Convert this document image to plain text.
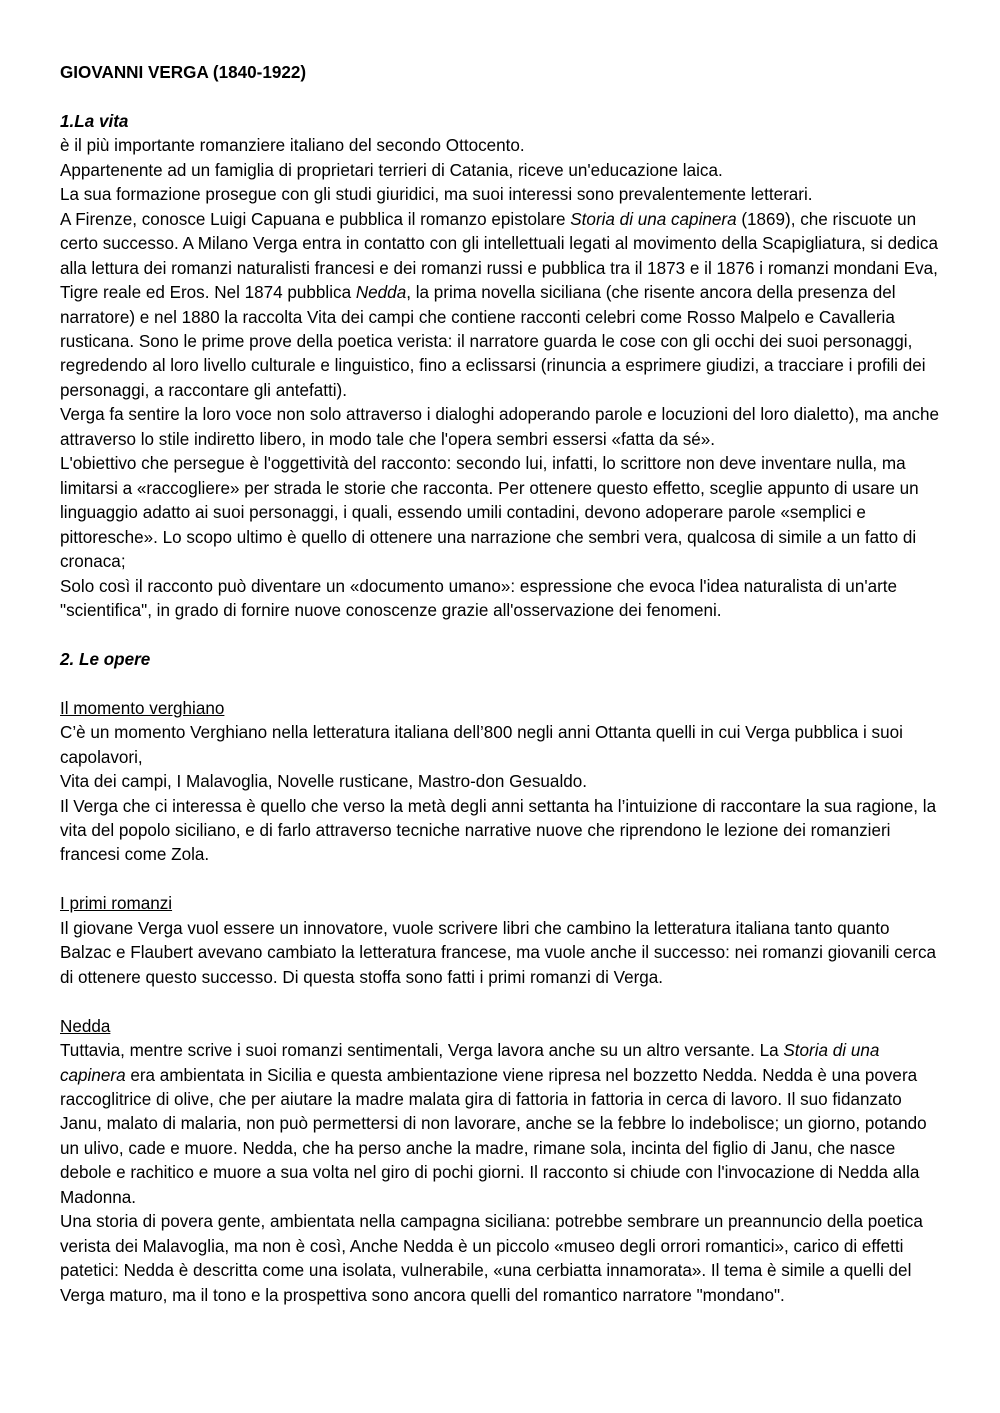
GIOVANNI VERGA (1840-1922)

1.La vita

è il più importante romanziere italiano del secondo Ottocento.

Appartenente ad un famiglia di proprietari terrieri di Catania, riceve un'educazione laica.

La sua formazione prosegue con gli studi giuridici, ma suoi interessi sono prevalentemente letterari.

A Firenze, conosce Luigi Capuana e pubblica il romanzo epistolare Storia di una capinera (1869), che riscuote un certo successo. A Milano Verga entra in contatto con gli intellettuali legati al movimento della Scapigliatura, si dedica alla lettura dei romanzi naturalisti francesi e dei romanzi russi e pubblica tra il 1873 e il 1876 i romanzi mondani Eva, Tigre reale ed Eros. Nel 1874 pubblica Nedda, la prima novella siciliana (che risente ancora della presenza del narratore) e nel 1880 la raccolta Vita dei campi che contiene racconti celebri come Rosso Malpelo e Cavalleria rusticana. Sono le prime prove della poetica verista: il narratore guarda le cose con gli occhi dei suoi personaggi, regredendo al loro livello culturale e linguistico, fino a eclissarsi (rinuncia a esprimere giudizi, a tracciare i profili dei personaggi, a raccontare gli antefatti).

Verga fa sentire la loro voce non solo attraverso i dialoghi adoperando parole e locuzioni del loro dialetto), ma anche attraverso lo stile indiretto libero, in modo tale che l'opera sembri essersi «fatta da sé».

L'obiettivo che persegue è l'oggettività del racconto: secondo lui, infatti, lo scrittore non deve inventare nulla, ma limitarsi a «raccogliere» per strada le storie che racconta. Per ottenere questo effetto, sceglie appunto di usare un linguaggio adatto ai suoi personaggi, i quali, essendo umili contadini, devono adoperare parole «semplici e pittoresche». Lo scopo ultimo è quello di ottenere una narrazione che sembri vera, qualcosa di simile a un fatto di cronaca;

Solo così il racconto può diventare un «documento umano»: espressione che evoca l'idea naturalista di un'arte "scientifica", in grado di fornire nuove conoscenze grazie all'osservazione dei fenomeni.

2. Le opere

Il momento verghiano

C’è un momento Verghiano nella letteratura italiana dell’800 negli anni Ottanta quelli in cui Verga pubblica i suoi capolavori,

Vita dei campi, I Malavoglia, Novelle rusticane, Mastro-don Gesualdo.

Il Verga che ci interessa è quello che verso la metà degli anni settanta ha l’intuizione di raccontare la sua ragione, la vita del popolo siciliano, e di farlo attraverso tecniche narrative nuove che riprendono le lezione dei romanzieri francesi come Zola.

I primi romanzi

Il giovane Verga vuol essere un innovatore, vuole scrivere libri che cambino la letteratura italiana tanto quanto Balzac e Flaubert avevano cambiato la letteratura francese, ma vuole anche il successo: nei romanzi giovanili cerca di ottenere questo successo. Di questa stoffa sono fatti i primi romanzi di Verga.

Nedda

Tuttavia, mentre scrive i suoi romanzi sentimentali, Verga lavora anche su un altro versante. La Storia di una capinera era ambientata in Sicilia e questa ambientazione viene ripresa nel bozzetto Nedda. Nedda è una povera raccoglitrice di olive, che per aiutare la madre malata gira di fattoria in fattoria in cerca di lavoro. Il suo fidanzato Janu, malato di malaria, non può permettersi di non lavorare, anche se la febbre lo indebolisce; un giorno, potando un ulivo, cade e muore. Nedda, che ha perso anche la madre, rimane sola, incinta del figlio di Janu, che nasce debole e rachitico e muore a sua volta nel giro di pochi giorni. Il racconto si chiude con l'invocazione di Nedda alla Madonna.

Una storia di povera gente, ambientata nella campagna siciliana: potrebbe sembrare un preannuncio della poetica verista dei Malavoglia, ma non è così, Anche Nedda è un piccolo «museo degli orrori romantici», carico di effetti patetici: Nedda è descritta come una isolata, vulnerabile, «una cerbiatta innamorata». Il tema è simile a quelli del Verga maturo, ma il tono e la prospettiva sono ancora quelli del romantico narratore "mondano".
